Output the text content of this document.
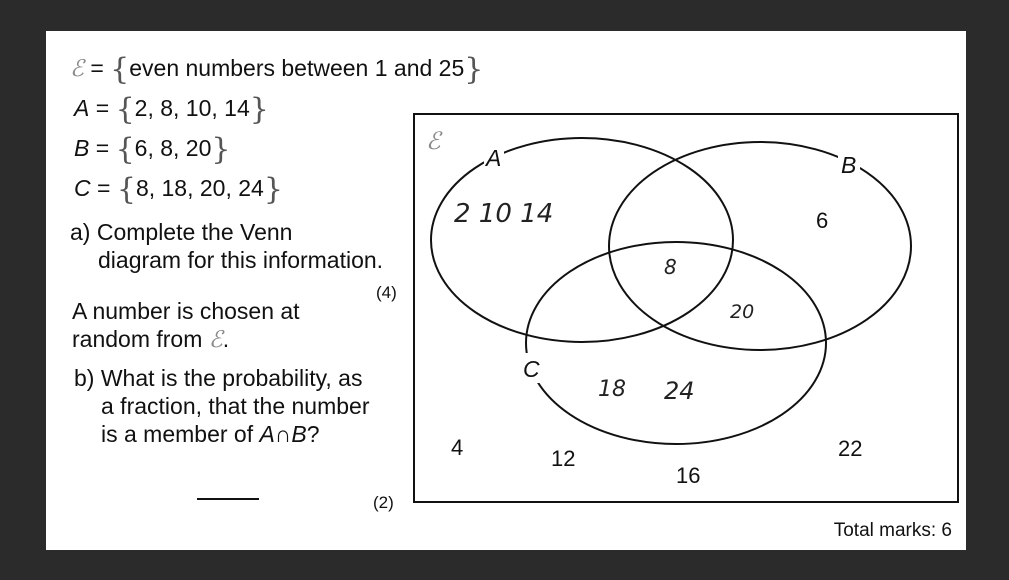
ℰ = {even numbers between 1 and 25}
A = {2, 8, 10, 14}
B = {6, 8, 20}
C = {8, 18, 20, 24}
a) Complete the Venn
diagram for this information.
(4)
A number is chosen at
random from ℰ.
b) What is the probability, as
a fraction, that the number
is a member of A∩B?
(2)
ℰ
A	B
C
6
4	12
16
22
2 10 14
8
20
18 24
Total marks: 6
